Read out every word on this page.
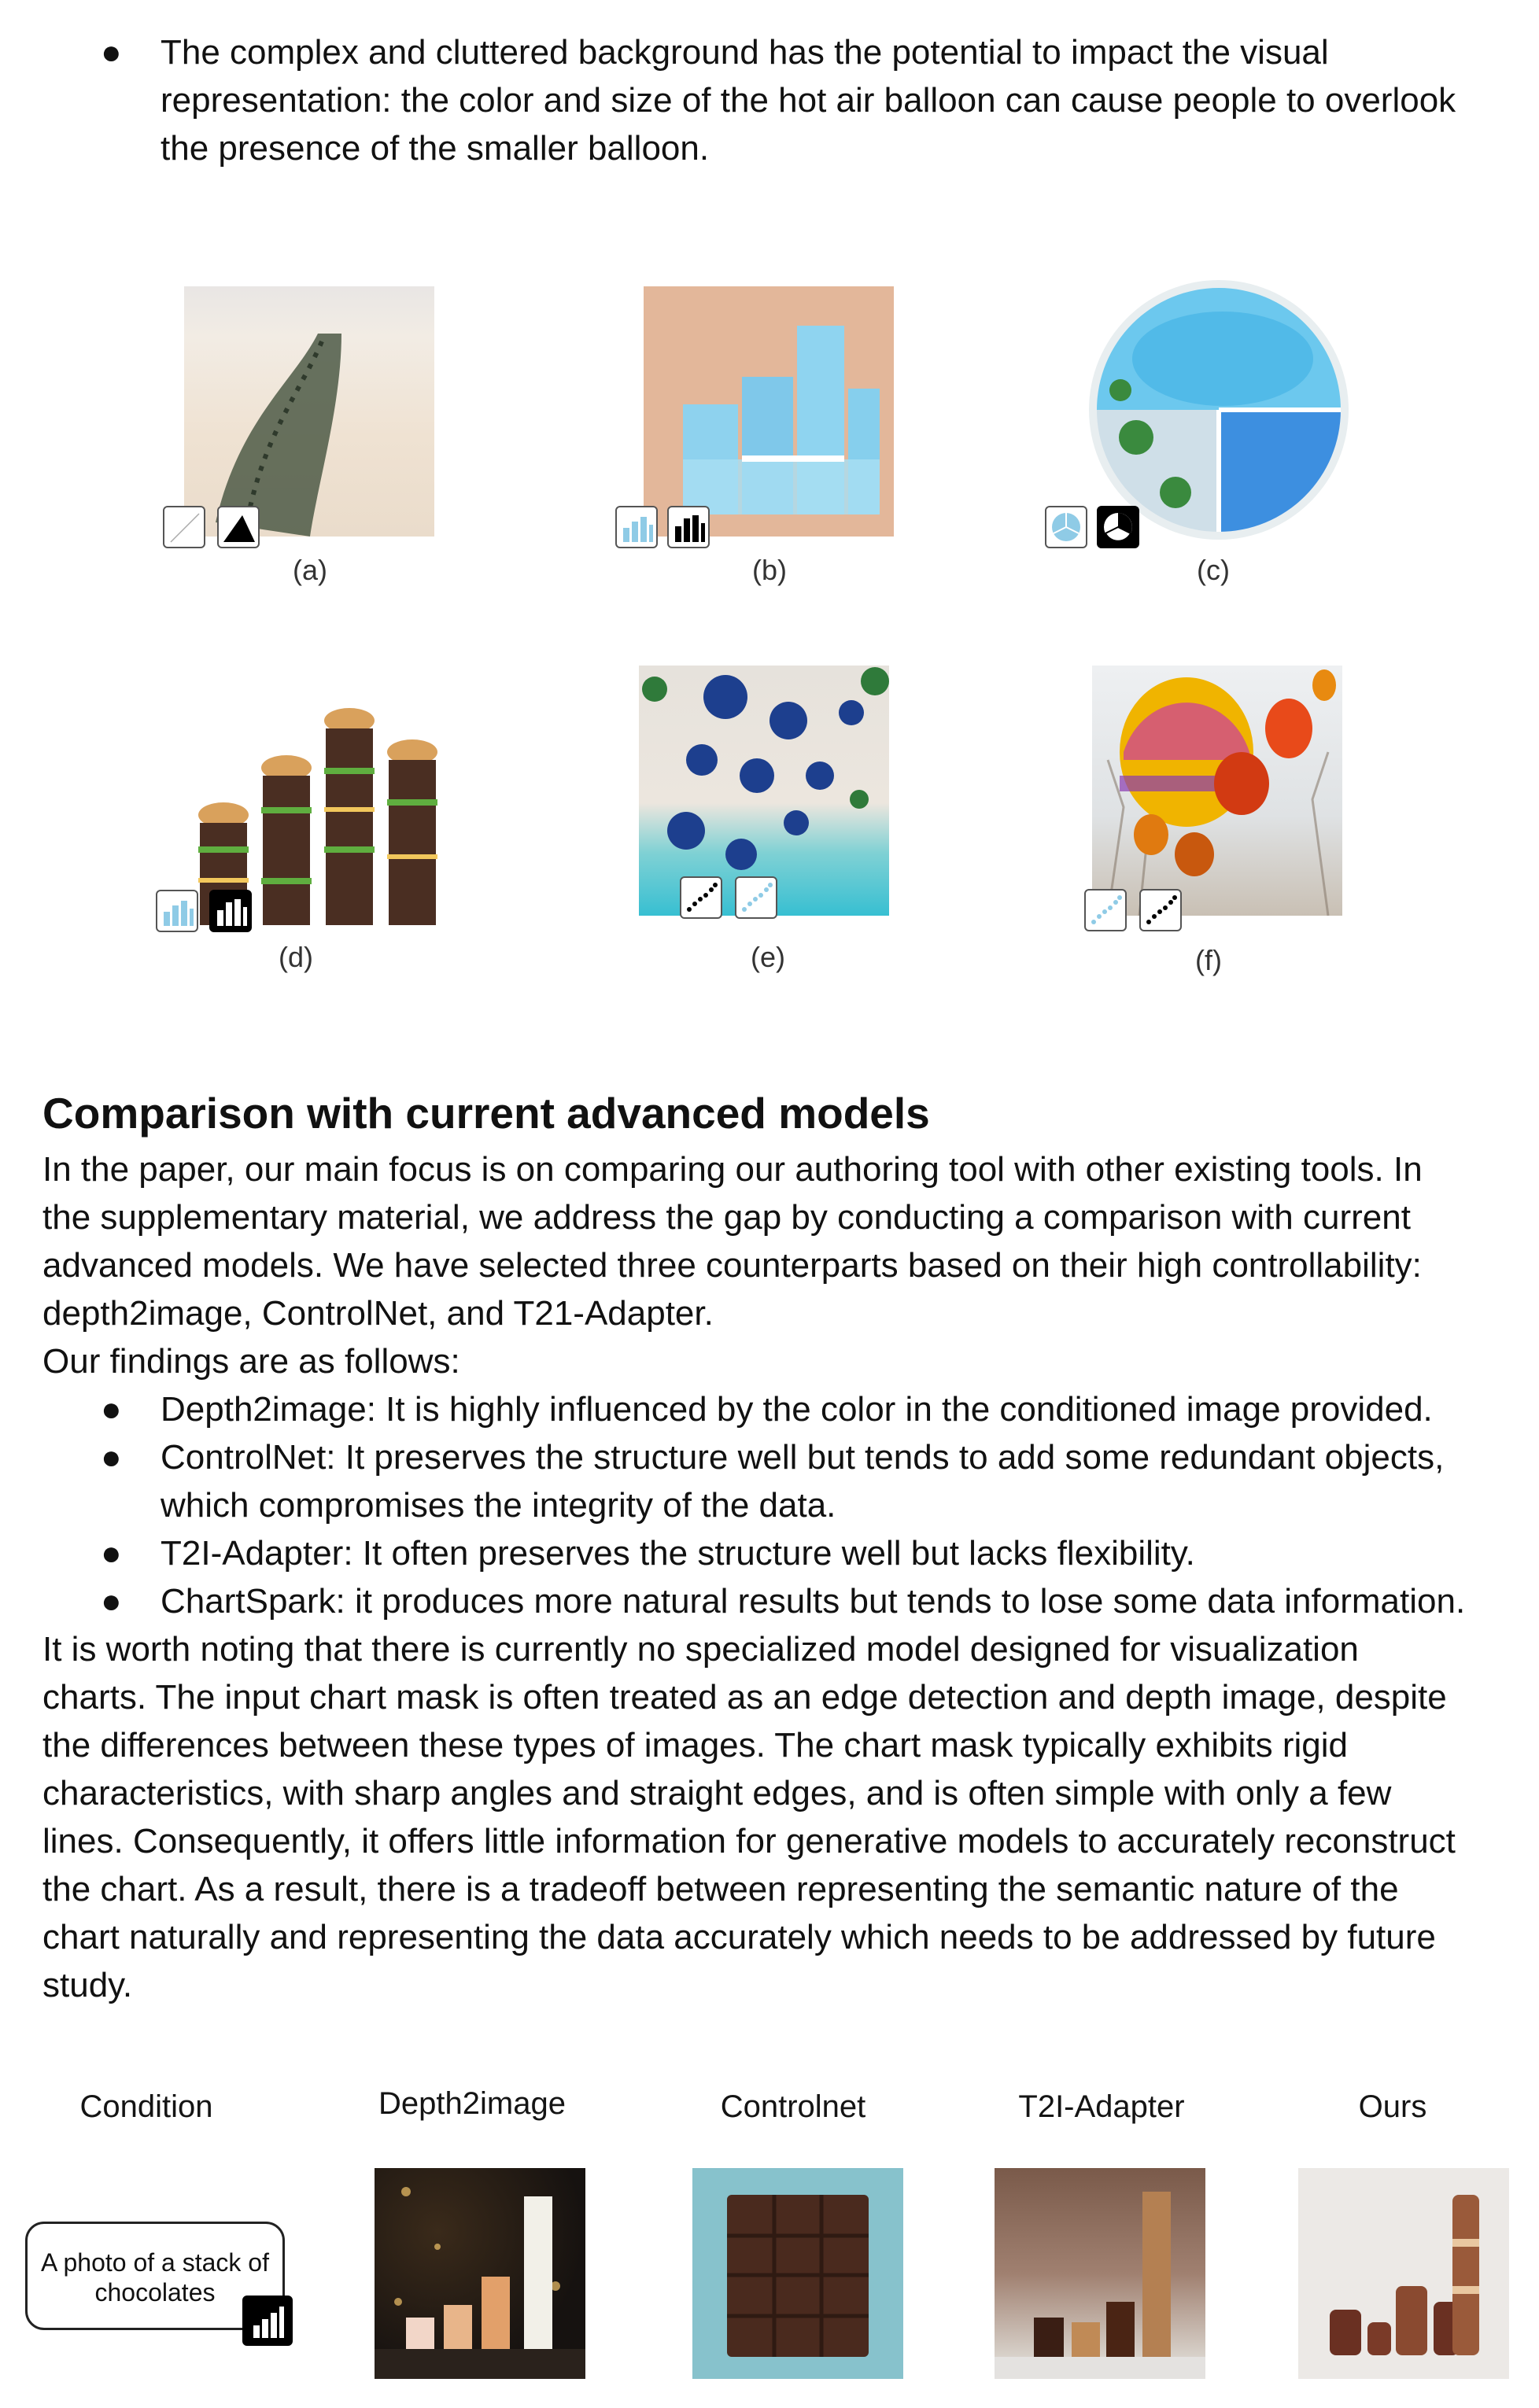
● The complex and cluttered background has the potential to impact the visual
representation: the color and size of the hot air balloon can cause people to overlook
the presence of the smaller balloon.
(a)	(b)	(c)
(d)	(e)	(f)
Comparison with current advanced models
In the paper, our main focus is on comparing our authoring tool with other existing tools. In
the supplementary material, we address the gap by conducting a comparison with current
advanced models. We have selected three counterparts based on their high controllability:
depth2image, ControlNet, and T21-Adapter.
Our findings are as follows:
● Depth2image: It is highly influenced by the color in the conditioned image provided.
● ControlNet: It preserves the structure well but tends to add some redundant objects,
which compromises the integrity of the data.
● T2I-Adapter: It often preserves the structure well but lacks flexibility.
● ChartSpark: it produces more natural results but tends to lose some data information.
It is worth noting that there is currently no specialized model designed for visualization
charts. The input chart mask is often treated as an edge detection and depth image, despite
the differences between these types of images. The chart mask typically exhibits rigid
characteristics, with sharp angles and straight edges, and is often simple with only a few
lines. Consequently, it offers little information for generative models to accurately reconstruct
the chart. As a result, there is a tradeoff between representing the semantic nature of the
chart naturally and representing the data accurately which needs to be addressed by future
study.
Condition	Depth2image	Controlnet	T2I-Adapter	Ours
A photo of a stack of chocolates
